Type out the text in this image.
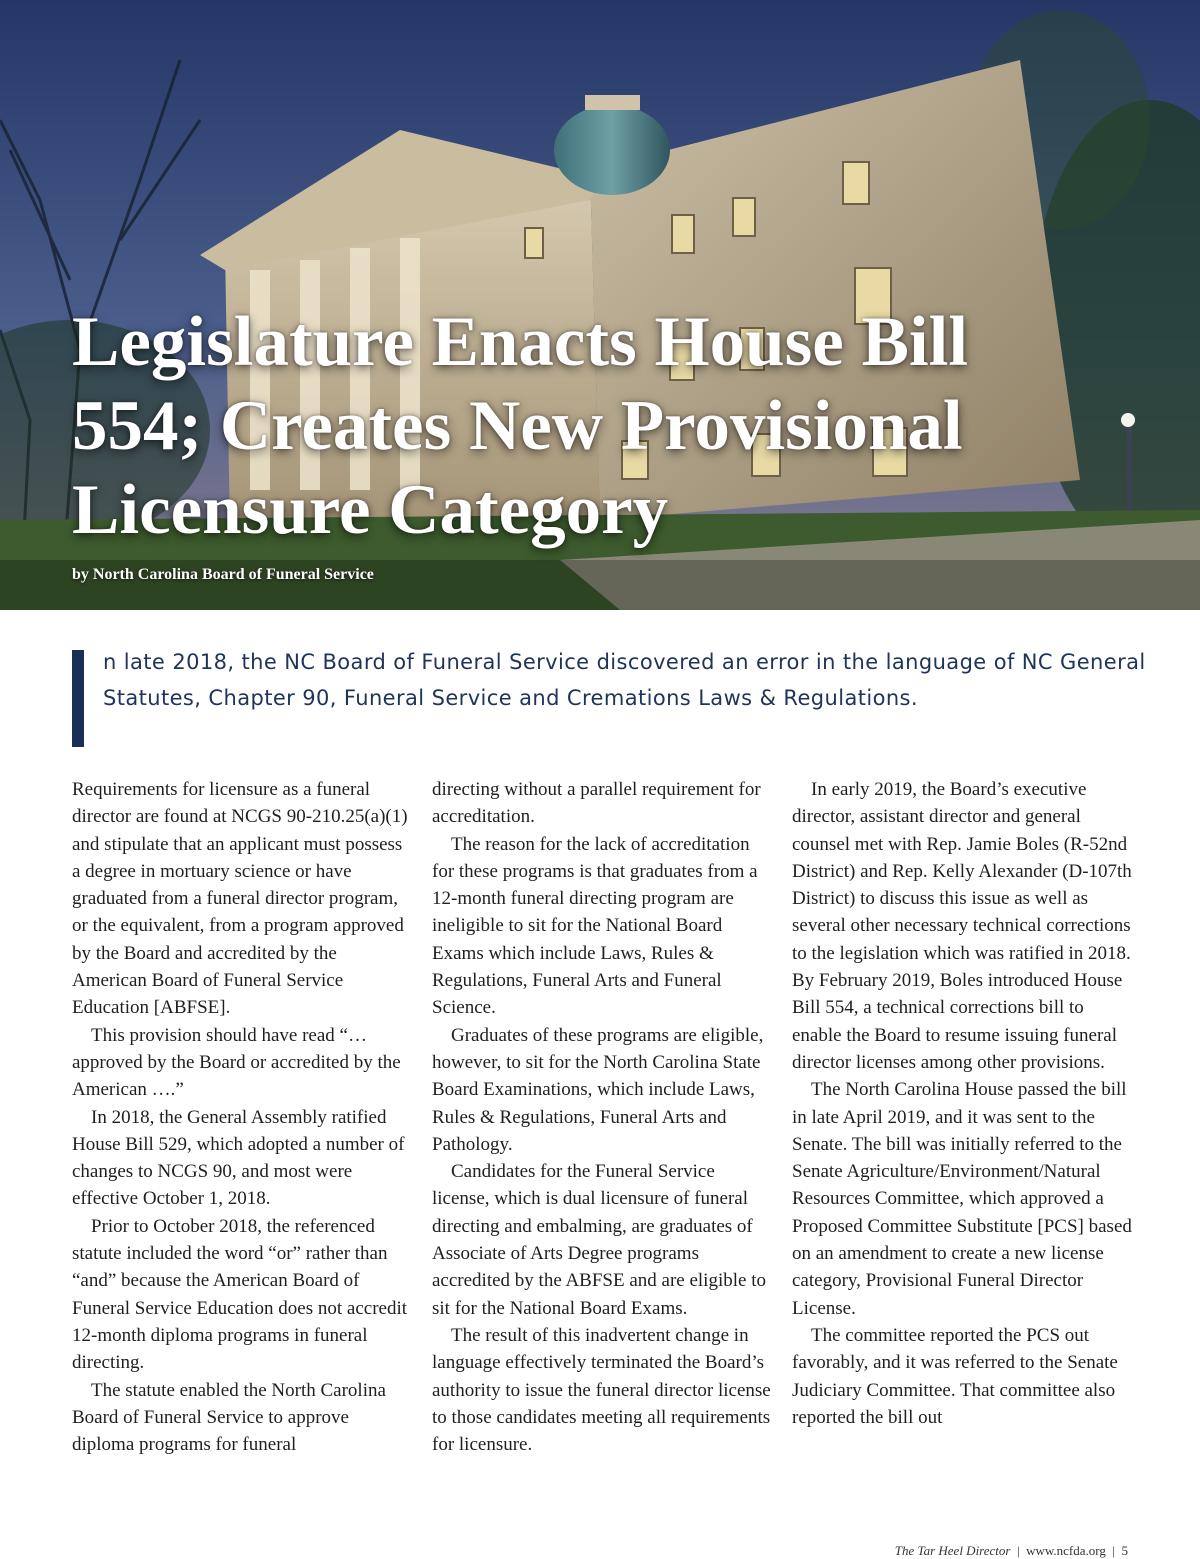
Legislature Enacts House Bill 554; Creates New Provisional Licensure Category

by North Carolina Board of Funeral Service

n late 2018, the NC Board of Funeral Service discovered an error in the language of NC General Statutes, Chapter 90, Funeral Service and Cremations Laws & Regulations.

Requirements for licensure as a funeral director are found at NCGS 90-210.25(a)(1) and stipulate that an applicant must possess a degree in mortuary science or have graduated from a funeral director program, or the equivalent, from a program approved by the Board and accredited by the American Board of Funeral Service Education [ABFSE].

This provision should have read “… approved by the Board or accredited by the American ….”

In 2018, the General Assembly ratified House Bill 529, which adopted a number of changes to NCGS 90, and most were effective October 1, 2018.

Prior to October 2018, the referenced statute included the word “or” rather than “and” because the American Board of Funeral Service Education does not accredit 12-month diploma programs in funeral directing.

The statute enabled the North Carolina Board of Funeral Service to approve diploma programs for funeral

directing without a parallel requirement for accreditation.

The reason for the lack of accreditation for these programs is that graduates from a 12-month funeral directing program are ineligible to sit for the National Board Exams which include Laws, Rules & Regulations, Funeral Arts and Funeral Science.

Graduates of these programs are eligible, however, to sit for the North Carolina State Board Examinations, which include Laws, Rules & Regulations, Funeral Arts and Pathology.

Candidates for the Funeral Service license, which is dual licensure of funeral directing and embalming, are graduates of Associate of Arts Degree programs accredited by the ABFSE and are eligible to sit for the National Board Exams.

The result of this inadvertent change in language effectively terminated the Board’s authority to issue the funeral director license to those candidates meeting all requirements for licensure.

In early 2019, the Board’s executive director, assistant director and general counsel met with Rep. Jamie Boles (R-52nd District) and Rep. Kelly Alexander (D-107th District) to discuss this issue as well as several other necessary technical corrections to the legislation which was ratified in 2018. By February 2019, Boles introduced House Bill 554, a technical corrections bill to enable the Board to resume issuing funeral director licenses among other provisions.

The North Carolina House passed the bill in late April 2019, and it was sent to the Senate. The bill was initially referred to the Senate Agriculture/Environment/Natural Resources Committee, which approved a Proposed Committee Substitute [PCS] based on an amendment to create a new license category, Provisional Funeral Director License.

The committee reported the PCS out favorably, and it was referred to the Senate Judiciary Committee. That committee also reported the bill out

The Tar Heel Director | www.ncfda.org | 5
